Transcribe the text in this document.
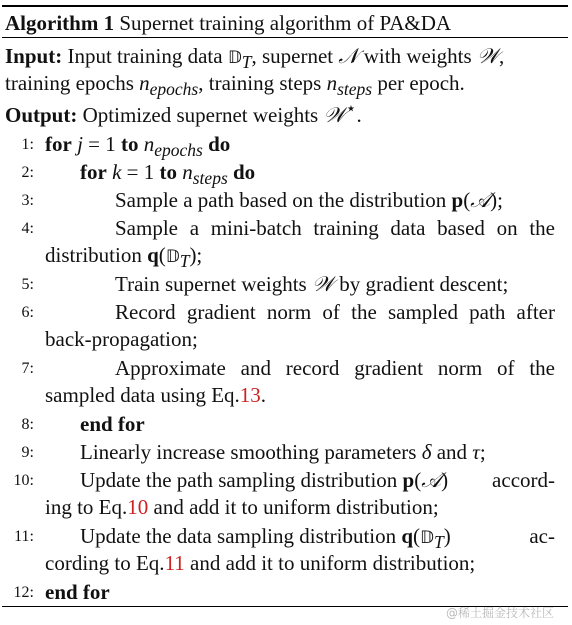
Algorithm 1 Supernet training algorithm of PA&DA
Input: Input training data 𝔻$_T$, supernet 𝒩 with weights 𝒲,
training epochs $n_{epochs}$, training steps $n_{steps}$ per epoch.
Output: Optimized supernet weights 𝒲⋆.
1: for j = 1 to $n_{epochs}$ do
2: for k = 1 to $n_{steps}$ do
3:	Sample a path based on the distribution p(𝒜);
4:	Sample a mini-batch training data based on the
distribution q(𝔻$_T$);
5:	Train supernet weights 𝒲 by gradient descent;
6:	Record gradient norm of the sampled path after
back-propagation;
7:	Approximate and record gradient norm of the
sampled data using Eq.13.
8: end for
9: Linearly increase smoothing parameters δ and τ;
10: Update the path sampling distribution p(𝒜) accord-
ing to Eq.10 and add it to uniform distribution;
11: Update the data sampling distribution q(𝔻$_T$)	ac-
cording to Eq.11 and add it to uniform distribution;
12: end for
@稀土掘金技术社区
